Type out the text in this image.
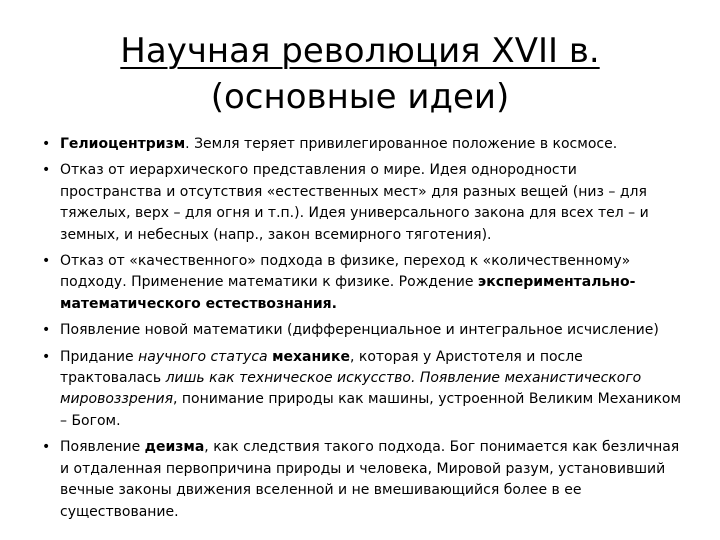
Научная революция XVII в.
(основные идеи)
• Гелиоцентризм. Земля теряет привилегированное положение в космосе.
• Отказ от иерархического представления о мире. Идея однородности пространства и отсутствия «естественных мест» для разных вещей (низ – для тяжелых, верх – для огня и т.п.). Идея универсального закона для всех тел – и земных, и небесных (напр., закон всемирного тяготения).
• Отказ от «качественного» подхода в физике, переход к «количественному» подходу. Применение математики к физике. Рождение экспериментально-математического естествознания.
• Появление новой математики (дифференциальное и интегральное исчисление)
• Придание научного статуса механике, которая у Аристотеля и после трактовалась лишь как техническое искусство. Появление механистического мировоззрения, понимание природы как машины, устроенной Великим Механиком – Богом.
• Появление деизма, как следствия такого подхода. Бог понимается как безличная и отдаленная первопричина природы и человека, Мировой разум, установивший вечные законы движения вселенной и не вмешивающийся более в ее существование.
